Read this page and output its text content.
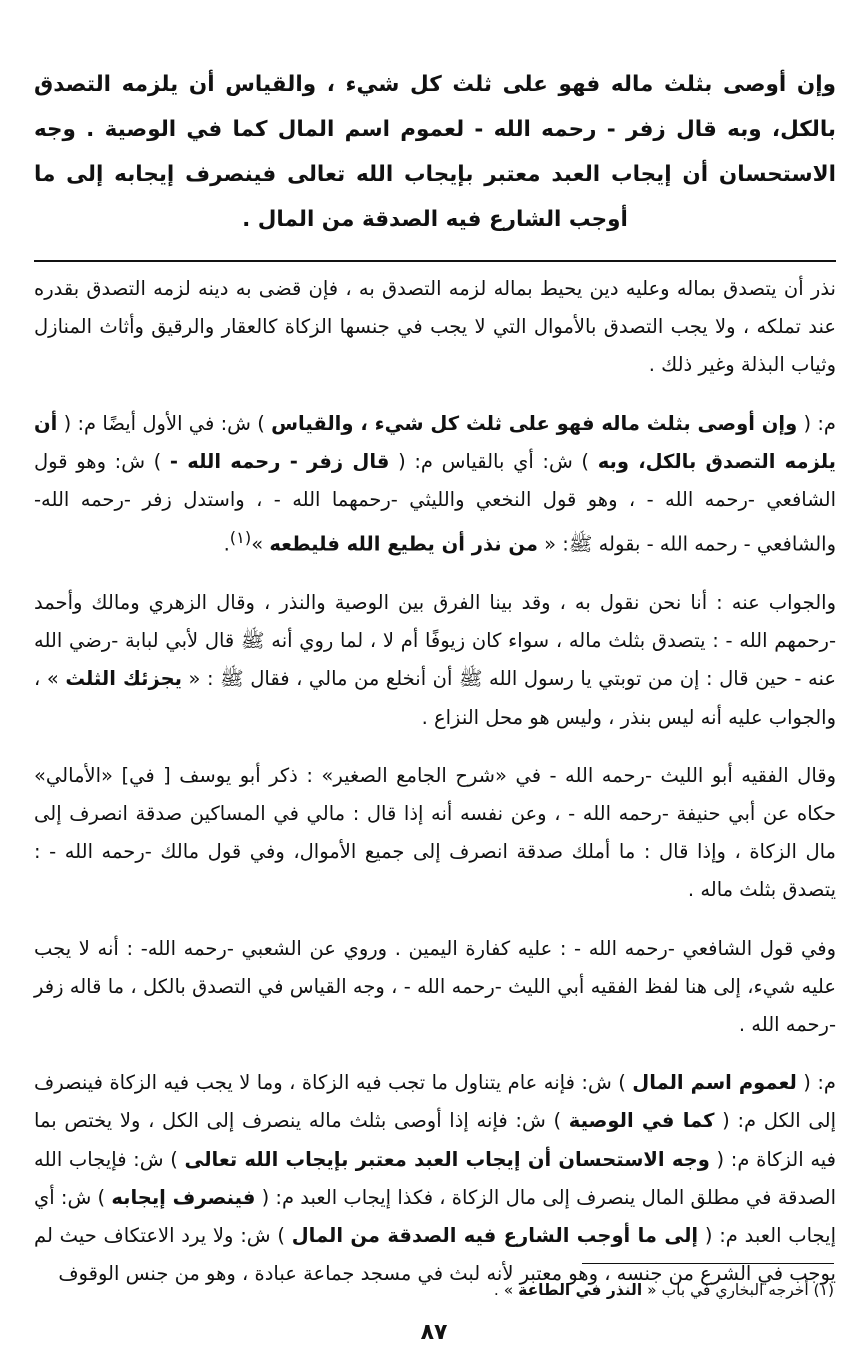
وإن أوصى بثلث ماله فهو على ثلث كل شيء ، والقياس أن يلزمه التصدق بالكل، وبه قال زفر - رحمه الله - لعموم اسم المال كما في الوصية . وجه الاستحسان أن إيجاب العبد معتبر بإيجاب الله تعالى فينصرف إيجابه إلى ما أوجب الشارع فيه الصدقة من المال .

نذر أن يتصدق بماله وعليه دين يحيط بماله لزمه التصدق به ، فإن قضى به دينه لزمه التصدق بقدره عند تملكه ، ولا يجب التصدق بالأموال التي لا يجب في جنسها الزكاة كالعقار والرقيق وأثاث المنازل وثياب البذلة وغير ذلك .

م: ( وإن أوصى بثلث ماله فهو على ثلث كل شيء ، والقياس ) ش: في الأول أيضًا م: ( أن يلزمه التصدق بالكل، وبه ) ش: أي بالقياس م: ( قال زفر - رحمه الله - ) ش: وهو قول الشافعي -رحمه الله - ، وهو قول النخعي والليثي -رحمهما الله - ، واستدل زفر -رحمه الله- والشافعي - رحمه الله - بقوله ﷺ: « من نذر أن يطيع الله فليطعه »$^{(١)}$.

والجواب عنه : أنا نحن نقول به ، وقد بينا الفرق بين الوصية والنذر ، وقال الزهري ومالك وأحمد -رحمهم الله - : يتصدق بثلث ماله ، سواء كان زيوفًا أم لا ، لما روي أنه ﷺ قال لأبي لبابة -رضي الله عنه - حين قال : إن من توبتي يا رسول الله ﷺ أن أنخلع من مالي ، فقال ﷺ : « يجزئك الثلث » ، والجواب عليه أنه ليس بنذر ، وليس هو محل النزاع .

وقال الفقيه أبو الليث -رحمه الله - في «شرح الجامع الصغير» : ذكر أبو يوسف [ في] «الأمالي» حكاه عن أبي حنيفة -رحمه الله - ، وعن نفسه أنه إذا قال : مالي في المساكين صدقة انصرف إلى مال الزكاة ، وإذا قال : ما أملك صدقة انصرف إلى جميع الأموال، وفي قول مالك -رحمه الله - : يتصدق بثلث ماله .

وفي قول الشافعي -رحمه الله - : عليه كفارة اليمين . وروي عن الشعبي -رحمه الله- : أنه لا يجب عليه شيء، إلى هنا لفظ الفقيه أبي الليث -رحمه الله - ، وجه القياس في التصدق بالكل ، ما قاله زفر -رحمه الله .

م: ( لعموم اسم المال ) ش: فإنه عام يتناول ما تجب فيه الزكاة ، وما لا يجب فيه الزكاة فينصرف إلى الكل م: ( كما في الوصية ) ش: فإنه إذا أوصى بثلث ماله ينصرف إلى الكل ، ولا يختص بما فيه الزكاة م: ( وجه الاستحسان أن إيجاب العبد معتبر بإيجاب الله تعالى ) ش: فإيجاب الله الصدقة في مطلق المال ينصرف إلى مال الزكاة ، فكذا إيجاب العبد م: ( فينصرف إيجابه ) ش: أي إيجاب العبد م: ( إلى ما أوجب الشارع فيه الصدقة من المال ) ش: ولا يرد الاعتكاف حيث لم يوجب في الشرع من جنسه ، وهو معتبر لأنه لبث في مسجد جماعة عبادة ، وهو من جنس الوقوف

(١) أخرجه البخاري في باب « النذر في الطاعة » .

٨٧
